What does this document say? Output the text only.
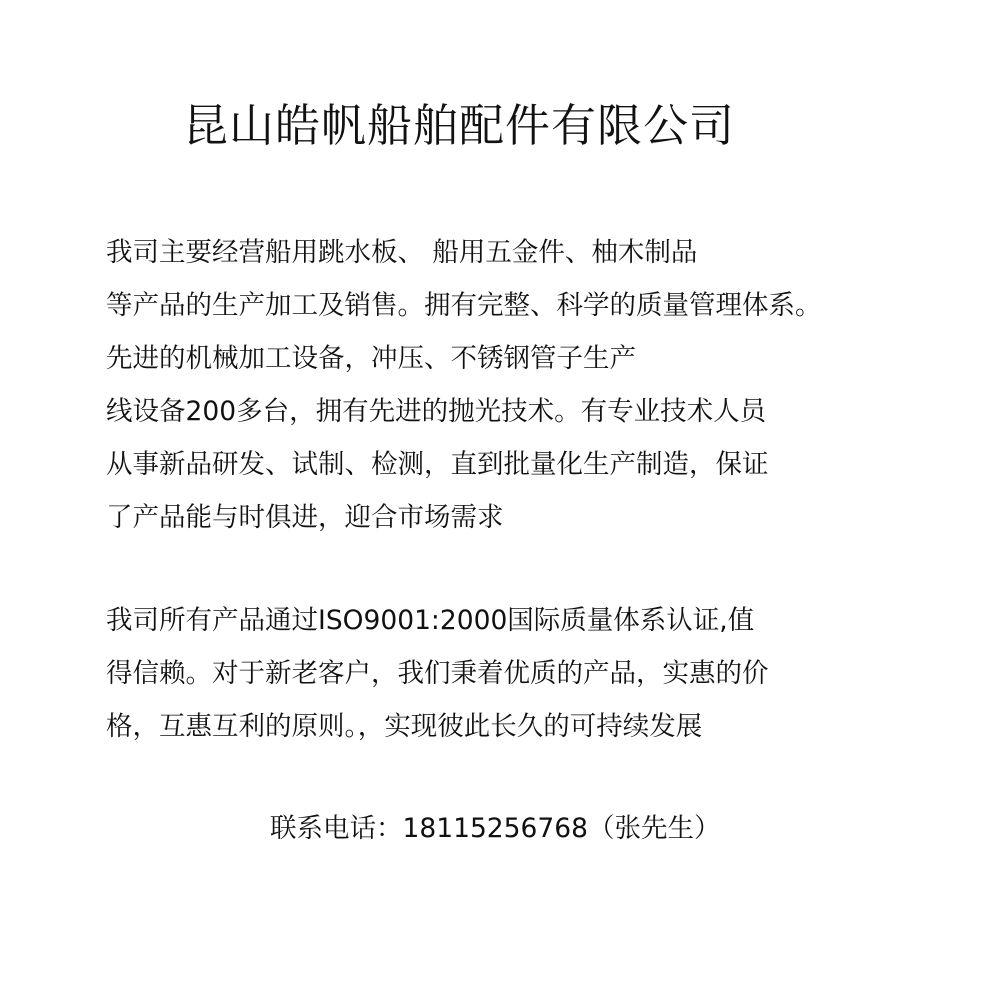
昆山皓帆船舶配件有限公司

我司主要经营船用跳水板、 船用五金件、柚木制品

等产品的生产加工及销售。拥有完整、科学的质量管理体系。

先进的机械加工设备，冲压、不锈钢管子生产

线设备200多台，拥有先进的抛光技术。有专业技术人员

从事新品研发、试制、检测，直到批量化生产制造，保证

了产品能与时俱进，迎合市场需求

我司所有产品通过ISO9001:2000国际质量体系认证,值

得信赖。对于新老客户，我们秉着优质的产品，实惠的价

格，互惠互利的原则。，实现彼此长久的可持续发展

联系电话：18115256768（张先生）
